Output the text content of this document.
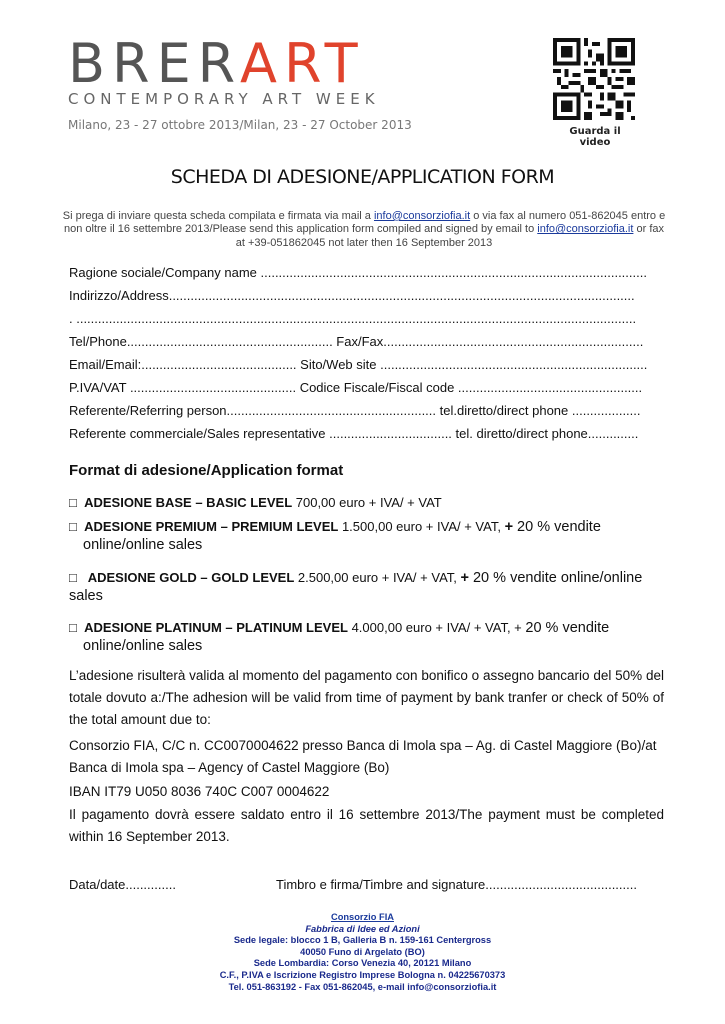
BRERART
CONTEMPORARY ART WEEK
Milano, 23 - 27 ottobre 2013/Milan, 23 - 27 October 2013	Guarda il video
SCHEDA DI ADESIONE/APPLICATION FORM
Si prega di inviare questa scheda compilata e firmata via mail a info@consorziofia.it o via fax al numero 051-862045 entro e non oltre il 16 settembre 2013/Please send this application form compiled and signed by email to info@consorziofia.it or fax at +39-051862045 not later then 16 September 2013
Ragione sociale/Company name ...........................................................................................................
Indirizzo/Address.................................................................................................................................
. ...........................................................................................................................................................
Tel/Phone......................................................... Fax/Fax........................................................................
Email/Email:........................................... Sito/Web site ..........................................................................
P.IVA/VAT .............................................. Codice Fiscale/Fiscal code ...................................................
Referente/Referring person.......................................................... tel.diretto/direct phone ...................
Referente commerciale/Sales representative .................................. tel. diretto/direct phone..............
Format di adesione/Application format
□ ADESIONE BASE – BASIC LEVEL 700,00 euro + IVA/ + VAT
□ ADESIONE PREMIUM – PREMIUM LEVEL 1.500,00 euro + IVA/ + VAT, + 20 % vendite online/online sales
□ ADESIONE GOLD – GOLD LEVEL 2.500,00 euro + IVA/ + VAT, + 20 % vendite online/online sales
□ ADESIONE PLATINUM – PLATINUM LEVEL 4.000,00 euro + IVA/ + VAT, + 20 % vendite online/online sales
L’adesione risulterà valida al momento del pagamento con bonifico o assegno bancario del 50% del totale dovuto a:/The adhesion will be valid from time of payment by bank tranfer or check of 50% of the total amount due to:
Consorzio FIA, C/C n. CC0070004622 presso Banca di Imola spa – Ag. di Castel Maggiore (Bo)/at Banca di Imola spa – Agency of Castel Maggiore (Bo)
IBAN IT79 U050 8036 740C C007 0004622
Il pagamento dovrà essere saldato entro il 16 settembre 2013/The payment must be completed within 16 September 2013.
Data/date..............	Timbro e firma/Timbre and signature..........................................
Consorzio FIA
Fabbrica di Idee ed Azioni
Sede legale: blocco 1 B, Galleria B n. 159-161 Centergross
40050 Funo di Argelato (BO)
Sede Lombardia: Corso Venezia 40, 20121 Milano
C.F., P.IVA e Iscrizione Registro Imprese Bologna n. 04225670373
Tel. 051-863192 - Fax 051-862045, e-mail info@consorziofia.it
